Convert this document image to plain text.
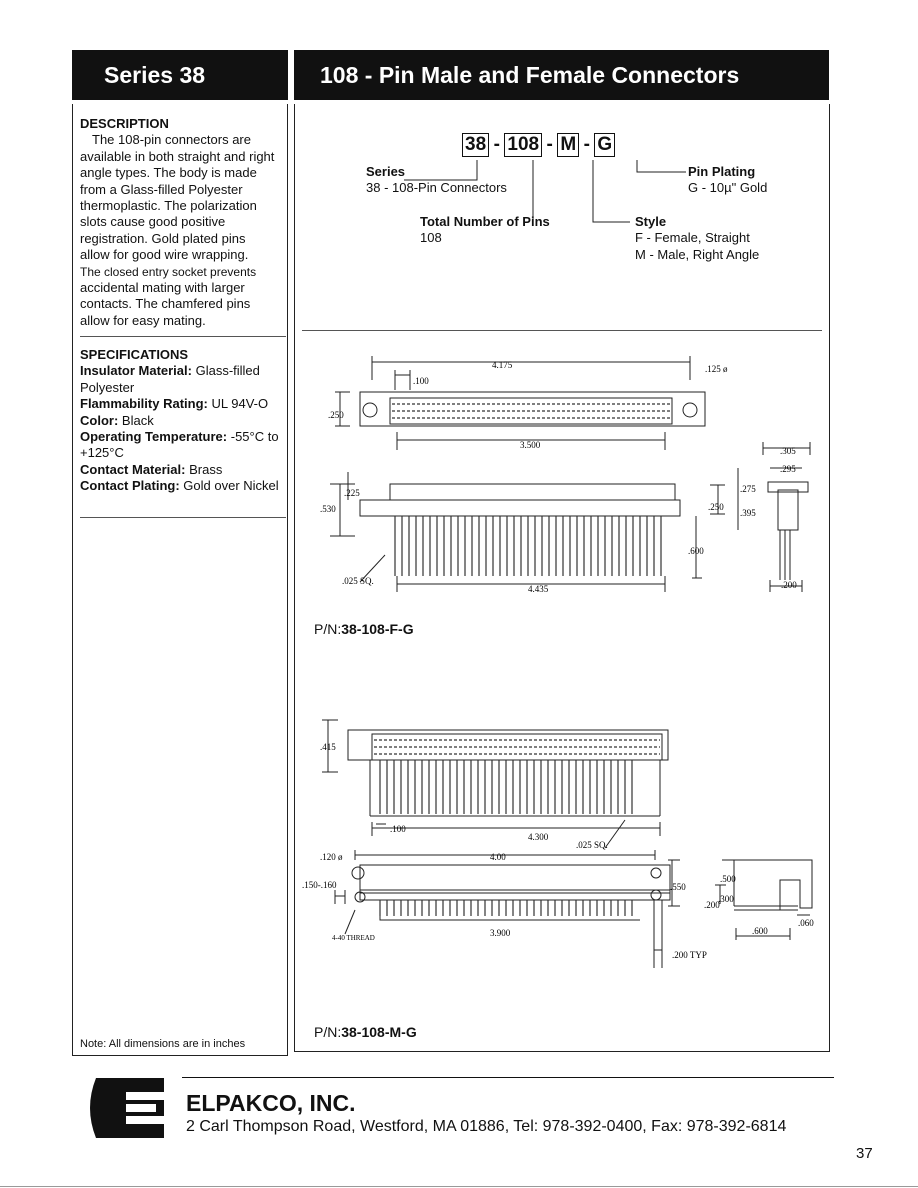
Series 38	108 - Pin Male and Female Connectors
DESCRIPTION
The 108-pin connectors are
available in both straight and right
angle types. The body is made
from a Glass-filled Polyester
thermoplastic. The polarization
slots cause good positive
registration. Gold plated pins
allow for good wire wrapping.
The closed entry socket prevents
accidental mating with larger
contacts. The chamfered pins
allow for easy mating.
SPECIFICATIONS
Insulator Material: Glass-filled Polyester
Flammability Rating: UL 94V-O
Color: Black
Operating Temperature: -55°C to +125°C
Contact Material: Brass
Contact Plating: Gold over Nickel
Note: All dimensions are in inches
38 - 108 - M - G
Series
38 - 108-Pin Connectors
Total Number of Pins
108
Pin Plating
G - 10µ" Gold
Style
F - Female, Straight
M - Male, Right Angle
4.175
.100
.125 ø
.250
3.500
.225
.530	.250
.600
.025 SQ.
4.435
.305
.295
.275
.395
.200
P/N:38-108-F-G
.415
.100
4.300
.025 SQ.
.120 ø	4.00
.150-.160	.550
4-40 THREAD	3.900
.200 TYP
.500
.200
.300
.600
.060
P/N:38-108-M-G
ELPAKCO, INC.
2 Carl Thompson Road, Westford, MA 01886, Tel: 978-392-0400, Fax: 978-392-6814
37
